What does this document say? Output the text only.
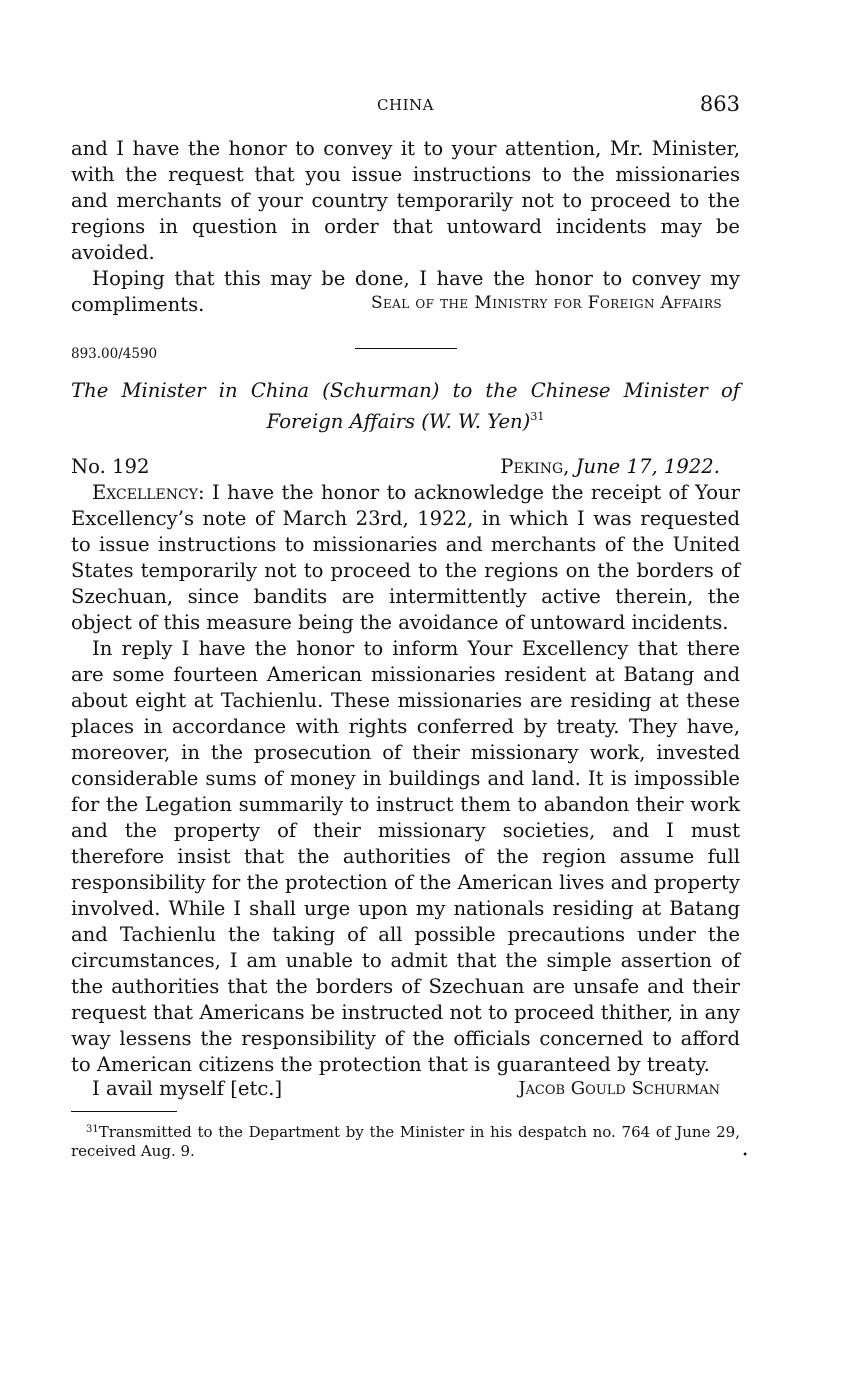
CHINA	863

and I have the honor to convey it to your attention, Mr. Minister, with the request that you issue instructions to the missionaries and merchants of your country temporarily not to proceed to the regions in question in order that untoward incidents may be avoided.

Hoping that this may be done, I have the honor to convey my compliments.	Seal of the Ministry for Foreign Affairs
893.00/4590
The Minister in China (Schurman) to the Chinese Minister of
Foreign Affairs (W. W. Yen)$^{31}$
No. 192	Peking, June 17, 1922.

Excellency: I have the honor to acknowledge the receipt of Your Excellency’s note of March 23rd, 1922, in which I was requested to issue instructions to missionaries and merchants of the United States temporarily not to proceed to the regions on the borders of Szechuan, since bandits are intermittently active therein, the object of this measure being the avoidance of untoward incidents.

In reply I have the honor to inform Your Excellency that there are some fourteen American missionaries resident at Batang and about eight at Tachienlu. These missionaries are residing at these places in accordance with rights conferred by treaty. They have, moreover, in the prosecution of their missionary work, invested considerable sums of money in buildings and land. It is impossible for the Legation summarily to instruct them to abandon their work and the property of their missionary societies, and I must therefore insist that the authorities of the region assume full responsibility for the protection of the American lives and property involved. While I shall urge upon my nationals residing at Batang and Tachienlu the taking of all possible precautions under the circumstances, I am unable to admit that the simple assertion of the authorities that the borders of Szechuan are unsafe and their request that Americans be instructed not to proceed thither, in any way lessens the responsibility of the officials concerned to afford to American citizens the protection that is guaranteed by treaty.

I avail myself [etc.]	Jacob Gould Schurman
$^{31}$Transmitted to the Department by the Minister in his despatch no. 764 of June 29, received Aug. 9.	•
